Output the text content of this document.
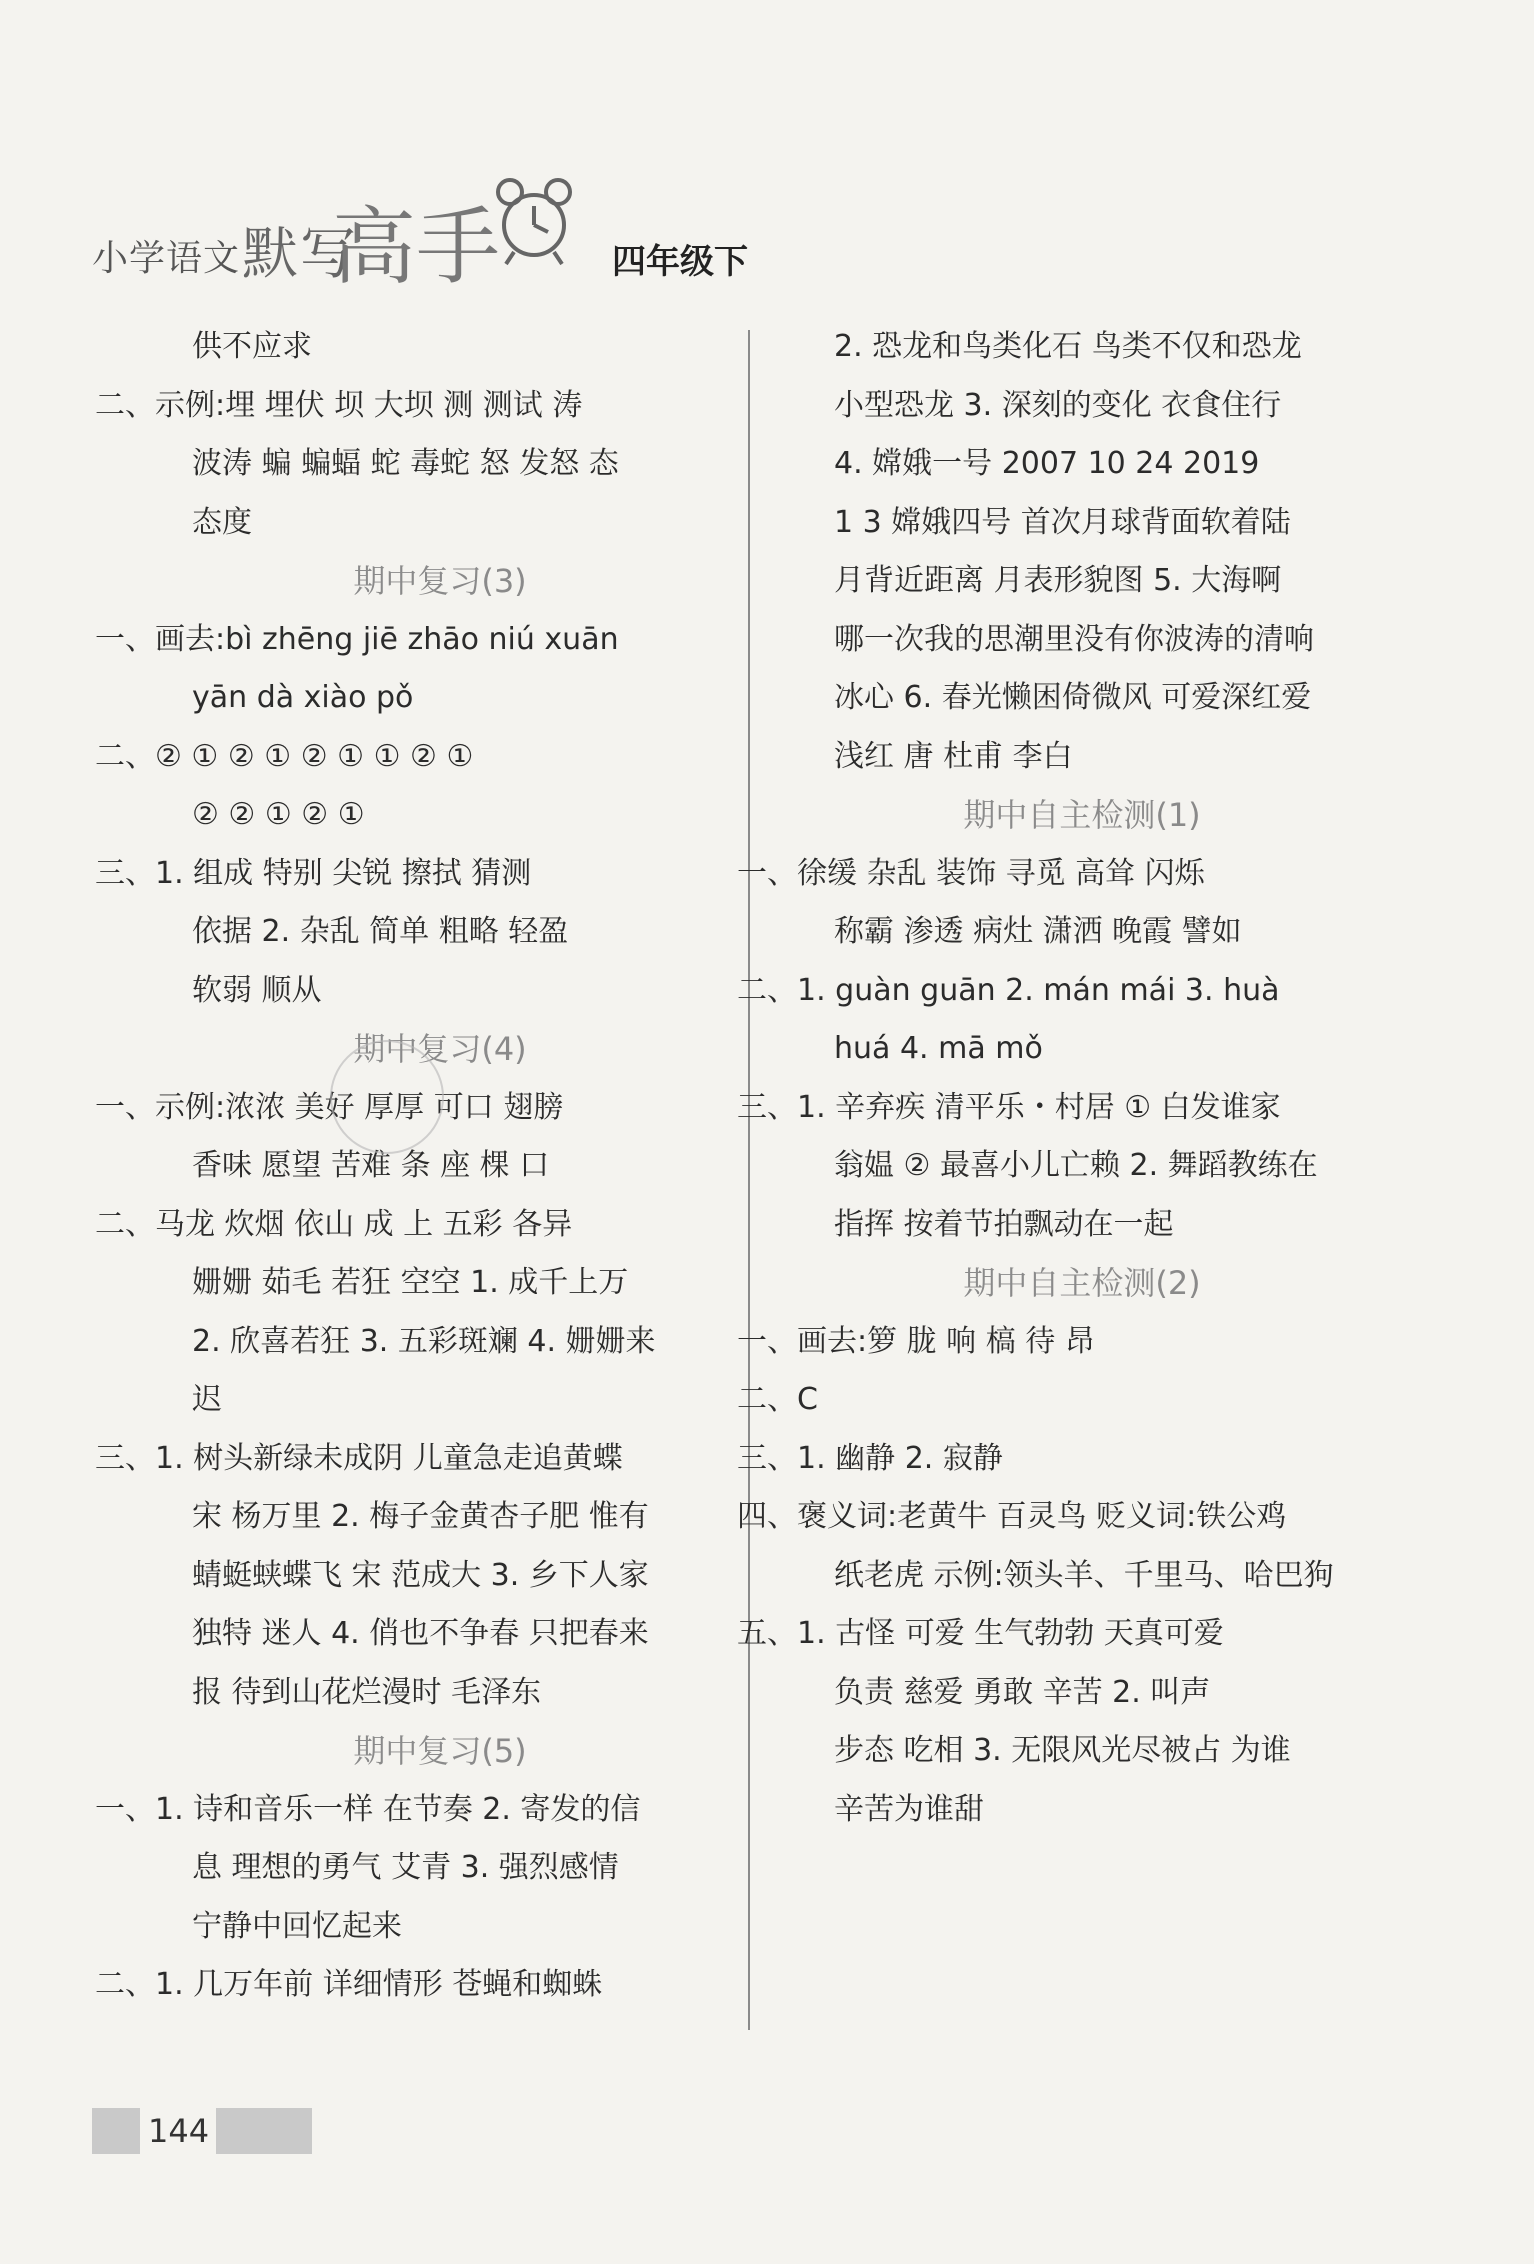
小学语文 默写
高手	四年级下
供不应求
二、示例:埋 埋伏 坝 大坝 测 测试 涛
波涛 蝙 蝙蝠 蛇 毒蛇 怒 发怒 态
态度
期中复习(3)
一、画去:bì zhēng jiē zhāo niú xuān
yān dà xiào pǒ
二、② ① ② ① ② ① ① ② ①
② ② ① ② ①
三、1. 组成 特别 尖锐 擦拭 猜测
依据 2. 杂乱 简单 粗略 轻盈
软弱 顺从
期中复习(4)
一、示例:浓浓 美好 厚厚 可口 翅膀
香味 愿望 苦难 条 座 棵 口
二、马龙 炊烟 依山 成 上 五彩 各异
姗姗 茹毛 若狂 空空 1. 成千上万
2. 欣喜若狂 3. 五彩斑斓 4. 姗姗来
迟
三、1. 树头新绿未成阴 儿童急走追黄蝶
宋 杨万里 2. 梅子金黄杏子肥 惟有
蜻蜓蛱蝶飞 宋 范成大 3. 乡下人家
独特 迷人 4. 俏也不争春 只把春来
报 待到山花烂漫时 毛泽东
期中复习(5)
一、1. 诗和音乐一样 在节奏 2. 寄发的信
息 理想的勇气 艾青 3. 强烈感情
宁静中回忆起来
二、1. 几万年前 详细情形 苍蝇和蜘蛛
2. 恐龙和鸟类化石 鸟类不仅和恐龙
小型恐龙 3. 深刻的变化 衣食住行
4. 嫦娥一号 2007 10 24 2019
1 3 嫦娥四号 首次月球背面软着陆
月背近距离 月表形貌图 5. 大海啊
哪一次我的思潮里没有你波涛的清响
冰心 6. 春光懒困倚微风 可爱深红爱
浅红 唐 杜甫 李白
期中自主检测(1)
一、徐缓 杂乱 装饰 寻觅 高耸 闪烁
称霸 渗透 病灶 潇洒 晚霞 譬如
二、1. guàn guān 2. mán mái 3. huà
huá 4. mā mǒ
三、1. 辛弃疾 清平乐・村居 ① 白发谁家
翁媪 ② 最喜小儿亡赖 2. 舞蹈教练在
指挥 按着节拍飘动在一起
期中自主检测(2)
一、画去:箩 胧 响 槁 待 昂
二、C
三、1. 幽静 2. 寂静
四、褒义词:老黄牛 百灵鸟 贬义词:铁公鸡
纸老虎 示例:领头羊、千里马、哈巴狗
五、1. 古怪 可爱 生气勃勃 天真可爱
负责 慈爱 勇敢 辛苦 2. 叫声
步态 吃相 3. 无限风光尽被占 为谁
辛苦为谁甜
144
